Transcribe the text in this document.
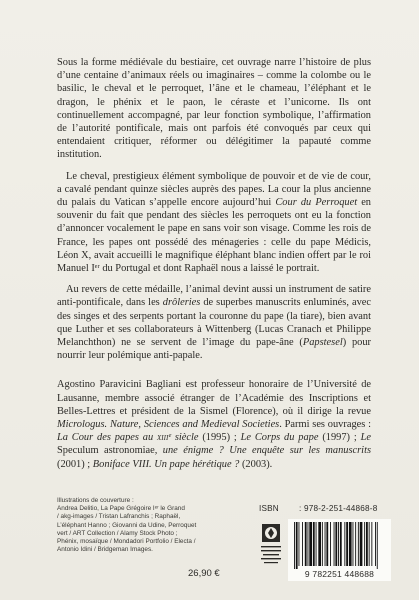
Sous la forme médiévale du bestiaire, cet ouvrage narre l’histoire de plus d’une centaine d’animaux réels ou imaginaires – comme la colombe ou le basilic, le cheval et le perroquet, l’âne et le chameau, l’éléphant et le dragon, le phénix et le paon, le céraste et l’unicorne. Ils ont continuellement accompagné, par leur fonction symbolique, l’affirmation de l’autorité pontificale, mais ont parfois été convoqués par ceux qui entendaient critiquer, réformer ou délégitimer la papauté comme institution.

Le cheval, prestigieux élément symbolique de pouvoir et de vie de cour, a cavalé pendant quinze siècles auprès des papes. La cour la plus ancienne du palais du Vatican s’appelle encore aujourd’hui Cour du Perroquet en souvenir du fait que pendant des siècles les perroquets ont eu la fonction d’annoncer vocalement le pape en sans voir son visage. Comme les rois de France, les papes ont possédé des ménageries : celle du pape Médicis, Léon X, avait accueilli le magnifique éléphant blanc indien offert par le roi Manuel Iᵉʳ du Portugal et dont Raphaël nous a laissé le portrait.

Au revers de cette médaille, l’animal devint aussi un instrument de satire anti-pontificale, dans les drôleries de superbes manuscrits enluminés, avec des singes et des serpents portant la couronne du pape (la tiare), bien avant que Luther et ses collaborateurs à Wittenberg (Lucas Cranach et Philippe Melanchthon) ne se servent de l’image du pape-âne (Papstesel) pour nourrir leur polémique anti-papale.

Agostino Paravicini Bagliani est professeur honoraire de l’Université de Lausanne, membre associé étranger de l’Académie des Inscriptions et Belles-Lettres et président de la Sismel (Florence), où il dirige la revue Micrologus. Nature, Sciences and Medieval Societies. Parmi ses ouvrages : La Cour des papes au xiiiᵉ siècle (1995) ; Le Corps du pape (1997) ; Le Speculum astronomiae, une énigme ? Une enquête sur les manuscrits (2001) ; Boniface VIII. Un pape hérétique ? (2003).

Illustrations de couverture :
Andrea Delitio, La Pape Grégoire Iᵉʳ le Grand
/ akg-images / Tristan Lafranchis ; Raphaël,
L’éléphant Hanno ; Giovanni da Udine, Perroquet
vert / ART Collection / Alamy Stock Photo ;
Phénix, mosaïque / Mondadori Portfolio / Electa /
Antonio Idini / Bridgeman Images.
26,90 €
ISBN : 978-2-251-44868-8
9 782251 448688
